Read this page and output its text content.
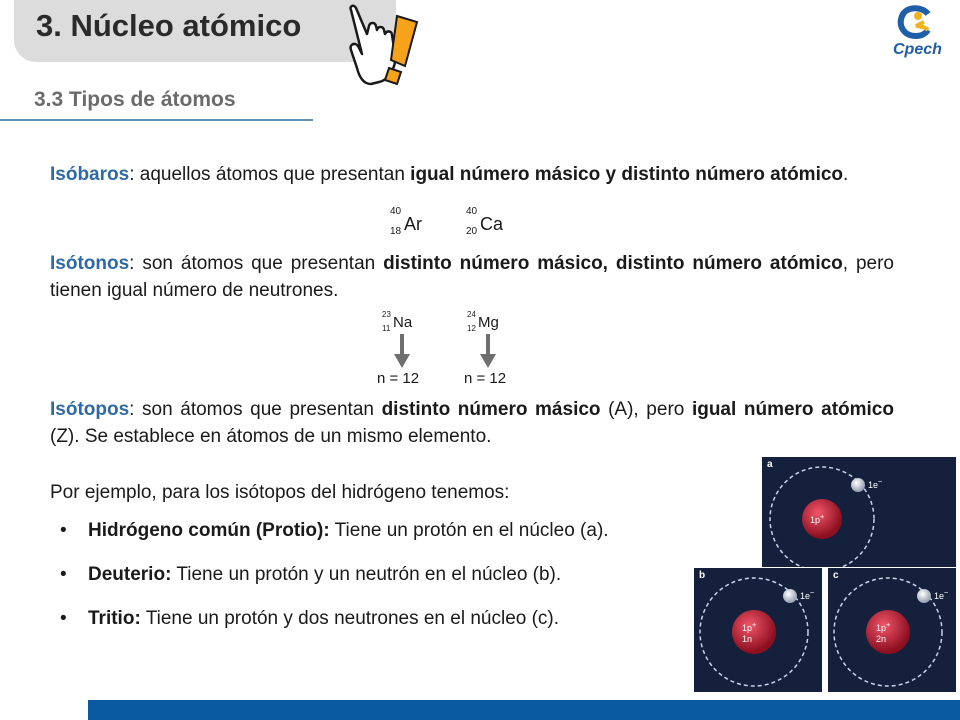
3. Núcleo atómico
Cpech
3.3 Tipos de átomos
Isóbaros: aquellos átomos que presentan igual número másico y distinto número atómico.
40
18 Ar
40
20 Ca
Isótonos: son átomos que presentan distinto número másico, distinto número atómico, pero tienen igual número de neutrones.
23
11 Na	24
12 Mg
n = 12	n = 12
Isótopos: son átomos que presentan distinto número másico (A), pero igual número atómico (Z). Se establece en átomos de un mismo elemento.
Por ejemplo, para los isótopos del hidrógeno tenemos:
• Hidrógeno común (Protio): Tiene un protón en el núcleo (a).
• Deuterio: Tiene un protón y un neutrón en el núcleo (b).
• Tritio: Tiene un protón y dos neutrones en el núcleo (c).
a
1p+
1e−
b
1p+
1n
1e−
c
1p+
2n
1e−
